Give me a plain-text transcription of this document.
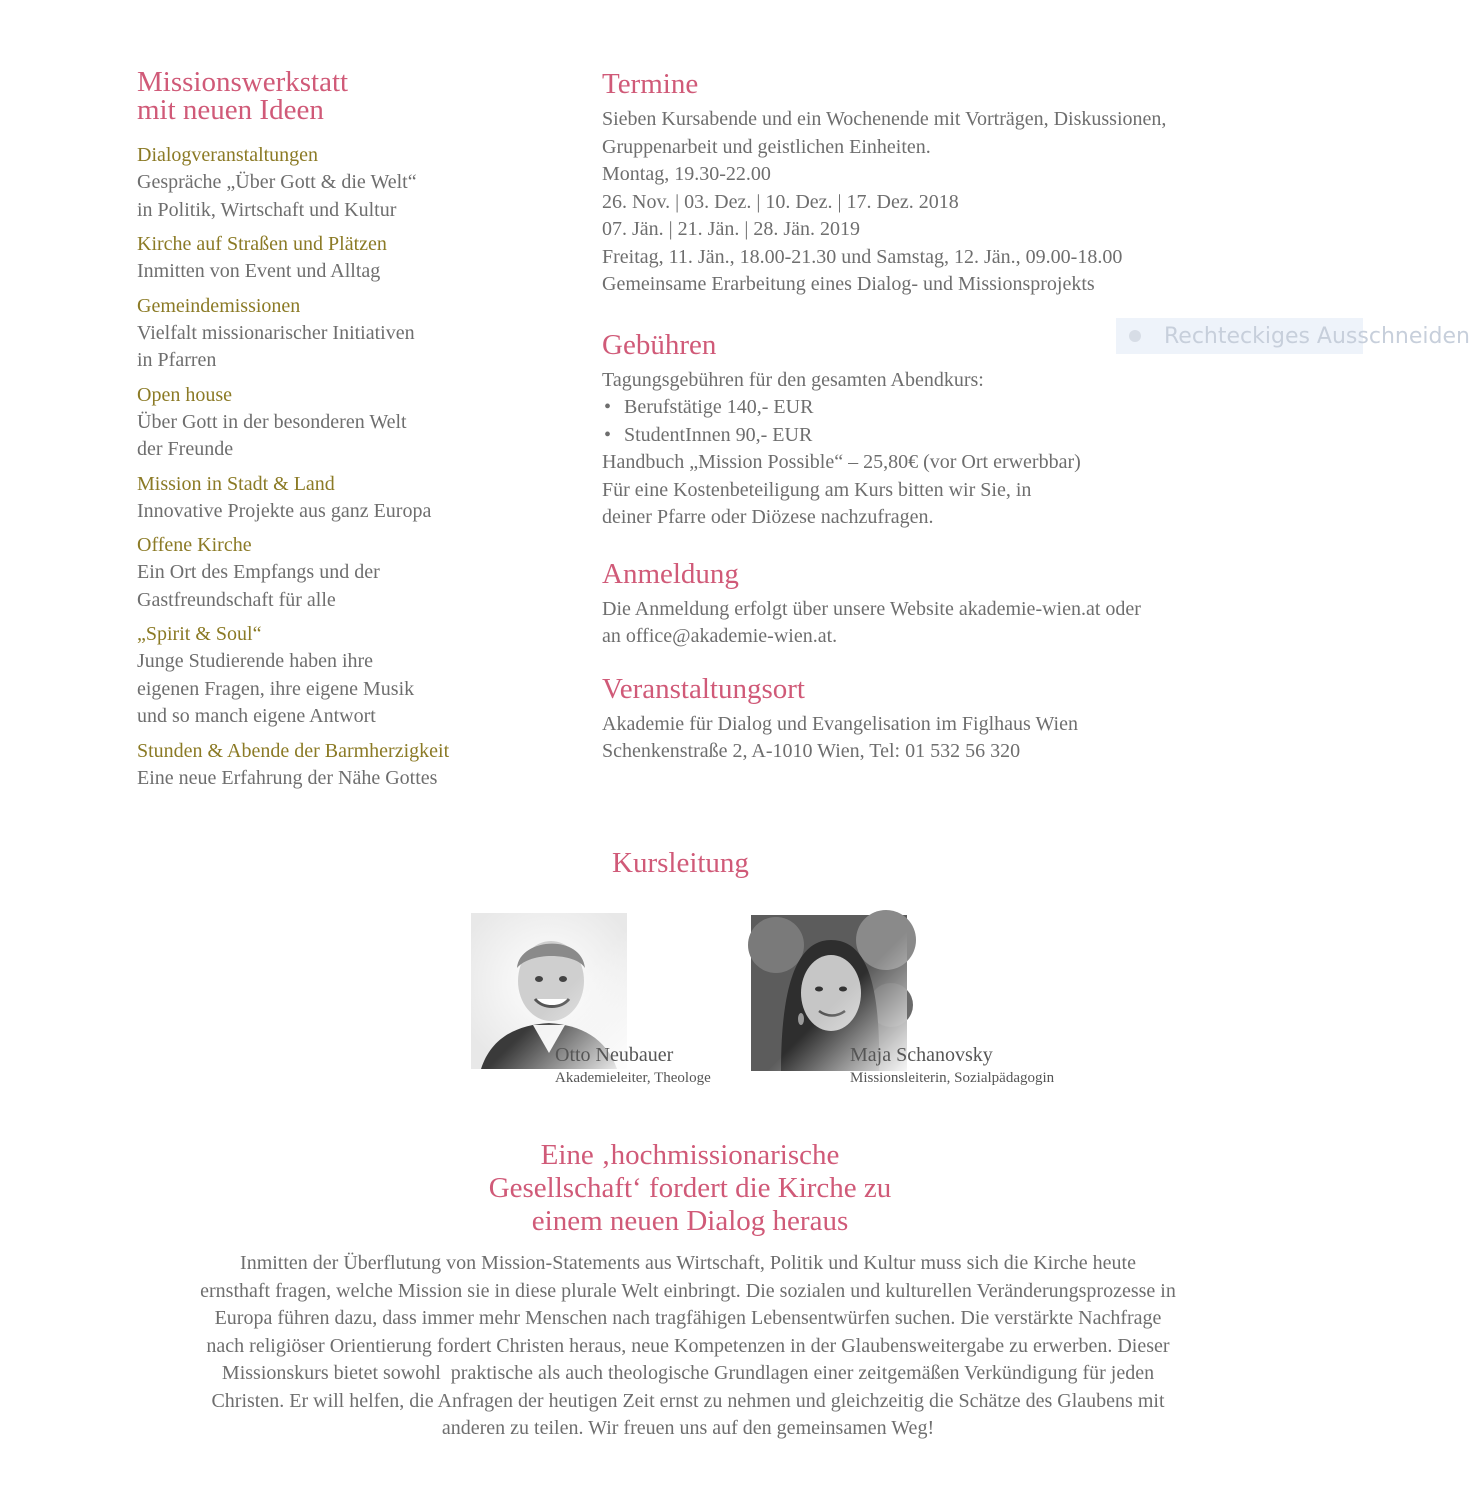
Missionswerkstatt
mit neuen Ideen
Dialogveranstaltungen
Gespräche „Über Gott & die Welt“
in Politik, Wirtschaft und Kultur
Kirche auf Straßen und Plätzen
Inmitten von Event und Alltag
Gemeindemissionen
Vielfalt missionarischer Initiativen
in Pfarren
Open house
Über Gott in der besonderen Welt
der Freunde
Mission in Stadt & Land
Innovative Projekte aus ganz Europa
Offene Kirche
Ein Ort des Empfangs und der
Gastfreundschaft für alle
„Spirit & Soul“
Junge Studierende haben ihre
eigenen Fragen, ihre eigene Musik
und so manch eigene Antwort
Stunden & Abende der Barmherzigkeit
Eine neue Erfahrung der Nähe Gottes
Termine
Sieben Kursabende und ein Wochenende mit Vorträgen, Diskussionen,
Gruppenarbeit und geistlichen Einheiten.
Montag, 19.30-22.00
26. Nov. | 03. Dez. | 10. Dez. | 17. Dez. 2018
07. Jän. | 21. Jän. | 28. Jän. 2019
Freitag, 11. Jän., 18.00-21.30 und Samstag, 12. Jän., 09.00-18.00
Gemeinsame Erarbeitung eines Dialog- und Missionsprojekts
Gebühren
Tagungsgebühren für den gesamten Abendkurs:
• Berufstätige 140,- EUR
• StudentInnen 90,- EUR
Handbuch „Mission Possible“ – 25,80€ (vor Ort erwerbbar)
Für eine Kostenbeteiligung am Kurs bitten wir Sie, in
deiner Pfarre oder Diözese nachzufragen.
Anmeldung
Die Anmeldung erfolgt über unsere Website akademie-wien.at oder
an office@akademie-wien.at.
Veranstaltungsort
Akademie für Dialog und Evangelisation im Figlhaus Wien
Schenkenstraße 2, A-1010 Wien, Tel: 01 532 56 320
Rechteckiges Ausschneiden
Kursleitung
Otto Neubauer
Akademieleiter, Theologe
Maja Schanovsky
Missionsleiterin, Sozialpädagogin
Eine ‚hochmissionarische
Gesellschaft‘ fordert die Kirche zu
einem neuen Dialog heraus
Inmitten der Überflutung von Mission-Statements aus Wirtschaft, Politik und Kultur muss sich die Kirche heute
ernsthaft fragen, welche Mission sie in diese plurale Welt einbringt. Die sozialen und kulturellen Veränderungsprozesse in
Europa führen dazu, dass immer mehr Menschen nach tragfähigen Lebensentwürfen suchen. Die verstärkte Nachfrage
nach religiöser Orientierung fordert Christen heraus, neue Kompetenzen in der Glaubensweitergabe zu erwerben. Dieser
Missionskurs bietet sowohl  praktische als auch theologische Grundlagen einer zeitgemäßen Verkündigung für jeden
Christen. Er will helfen, die Anfragen der heutigen Zeit ernst zu nehmen und gleichzeitig die Schätze des Glaubens mit
anderen zu teilen. Wir freuen uns auf den gemeinsamen Weg!
